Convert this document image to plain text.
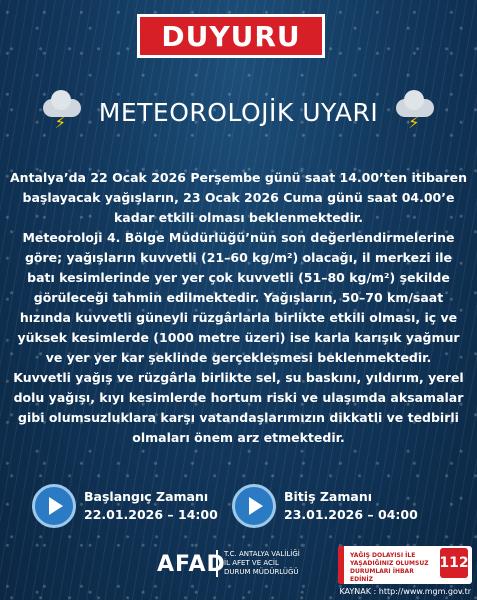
DUYURU
⚡ METEOROLOJİK UYARI ⚡

Antalya’da 22 Ocak 2026 Perşembe günü saat 14.00’ten itibaren başlayacak yağışların, 23 Ocak 2026 Cuma günü saat 04.00’e kadar etkili olması beklenmektedir.

Meteoroloji 4. Bölge Müdürlüğü’nün son değerlendirmelerine göre; yağışların kuvvetli (21–60 kg/m²) olacağı, il merkezi ile batı kesimlerinde yer yer çok kuvvetli (51–80 kg/m²) şekilde görüleceği tahmin edilmektedir. Yağışların, 50–70 km/saat hızında kuvvetli güneyli rüzgârlarla birlikte etkili olması, iç ve yüksek kesimlerde (1000 metre üzeri) ise karla karışık yağmur ve yer yer kar şeklinde gerçekleşmesi beklenmektedir.

Kuvvetli yağış ve rüzgârla birlikte sel, su baskını, yıldırım, yerel dolu yağışı, kıyı kesimlerde hortum riski ve ulaşımda aksamalar gibi olumsuzluklara karşı vatandaşlarımızın dikkatli ve tedbirli olmaları önem arz etmektedir.

Başlangıç Zamanı
22.01.2026 – 14:00
Bitiş Zamanı
23.01.2026 – 04:00
AFAD
T.C. ANTALYA VALİLİĞİ
İL AFET VE ACİL
DURUM MÜDÜRLÜĞÜ
YAĞIŞ DOLAYISI İLE YAŞADIĞINIZ OLUMSUZ DURUMLARI İHBAR EDİNİZ
112
KAYNAK : http://www.mgm.gov.tr
